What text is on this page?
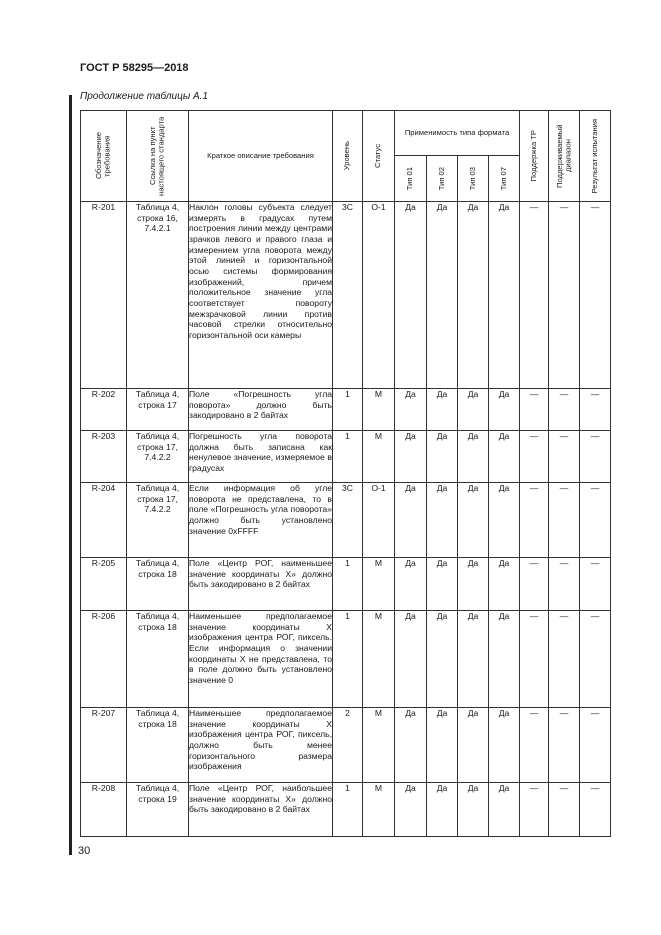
ГОСТ Р 58295—2018
Продолжение таблицы А.1
Обозначение требования	Ссылка на пункт настоящего стандарта	Краткое описание требования	Уровень	Статус	Применимость типа формата				Поддержка ТР	Поддерживаемый диапазон	Результат испытания

					Тип 01	Тип 02	Тип 03	Тип 07			

R-201	Таблица 4, строка 16, 7.4.2.1	Наклон головы субъекта следует измерять в градусах путем построения линии между центрами зрачков левого и правого глаза и измерением угла поворота между этой линией и горизонтальной осью системы формирования изображений, причем положительное значение угла соответствует повороту межзрачковой линии против часовой стрелки относительно горизонтальной оси камеры	3C	O-1	Да	Да	Да	Да	—	—	—
R-202	Таблица 4, строка 17	Поле «Погрешность угла поворота» должно быть закодировано в 2 байтах	1	M	Да	Да	Да	Да	—	—	—
R-203	Таблица 4, строка 17, 7.4.2.2	Погрешность угла поворота должна быть записана как ненулевое значение, измеряемое в градусах	1	M	Да	Да	Да	Да	—	—	—
R-204	Таблица 4, строка 17, 7.4.2.2	Если информация об угле поворота не представлена, то в поле «Погрешность угла поворота» должно быть установлено значение 0xFFFF	3C	O-1	Да	Да	Да	Да	—	—	—
R-205	Таблица 4, строка 18	Поле «Центр РОГ, наименьшее значение координаты X» должно быть закодировано в 2 байтах	1	M	Да	Да	Да	Да	—	—	—
R-206	Таблица 4, строка 18	Наименьшее предполагаемое значение координаты X изображения центра РОГ, пиксель. Если информация о значении координаты X не представлена, то в поле должно быть установлено значение 0	1	M	Да	Да	Да	Да	—	—	—
R-207	Таблица 4, строка 18	Наименьшее предполагаемое значение координаты X изображения центра РОГ, пиксель, должно быть менее горизонтального размера изображения	2	M	Да	Да	Да	Да	—	—	—
R-208	Таблица 4, строка 19	Поле «Центр РОГ, наибольшее значение координаты X» должно быть закодировано в 2 байтах	1	M	Да	Да	Да	Да	—	—	—
30
